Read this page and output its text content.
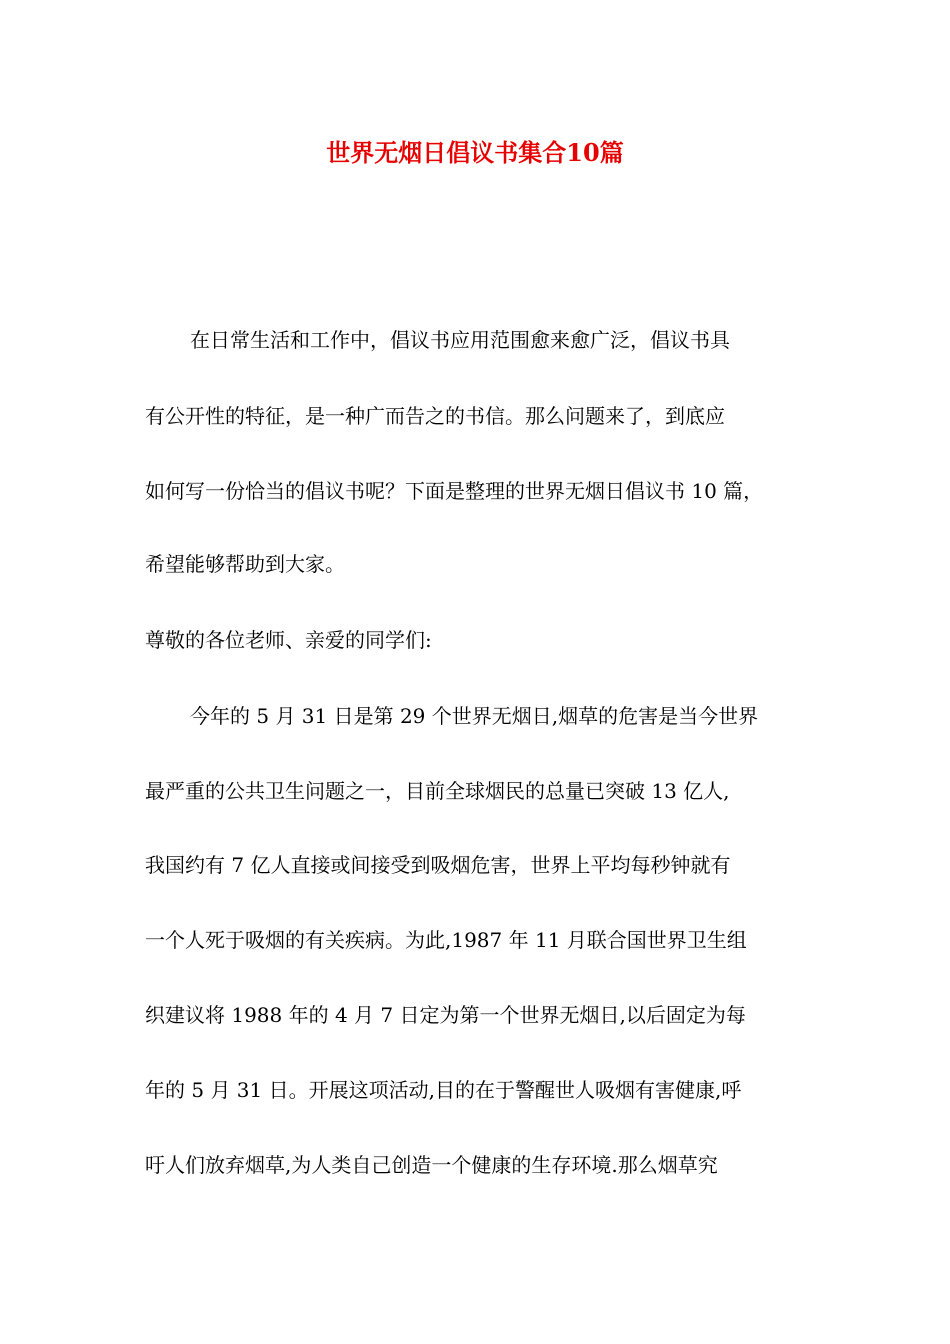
世界无烟日倡议书集合10篇

在日常生活和工作中，倡议书应用范围愈来愈广泛，倡议书具

有公开性的特征，是一种广而告之的书信。那么问题来了，到底应

如何写一份恰当的倡议书呢？下面是整理的世界无烟日倡议书 10 篇，

希望能够帮助到大家。

尊敬的各位老师、亲爱的同学们:

今年的 5 月 31 日是第 29 个世界无烟日,烟草的危害是当今世界

最严重的公共卫生问题之一，目前全球烟民的总量已突破 13 亿人,

我国约有 7 亿人直接或间接受到吸烟危害，世界上平均每秒钟就有

一个人死于吸烟的有关疾病。为此,1987 年 11 月联合国世界卫生组

织建议将 1988 年的 4 月 7 日定为第一个世界无烟日,以后固定为每

年的 5 月 31 日。开展这项活动,目的在于警醒世人吸烟有害健康,呼

吁人们放弃烟草,为人类自己创造一个健康的生存环境.那么烟草究
